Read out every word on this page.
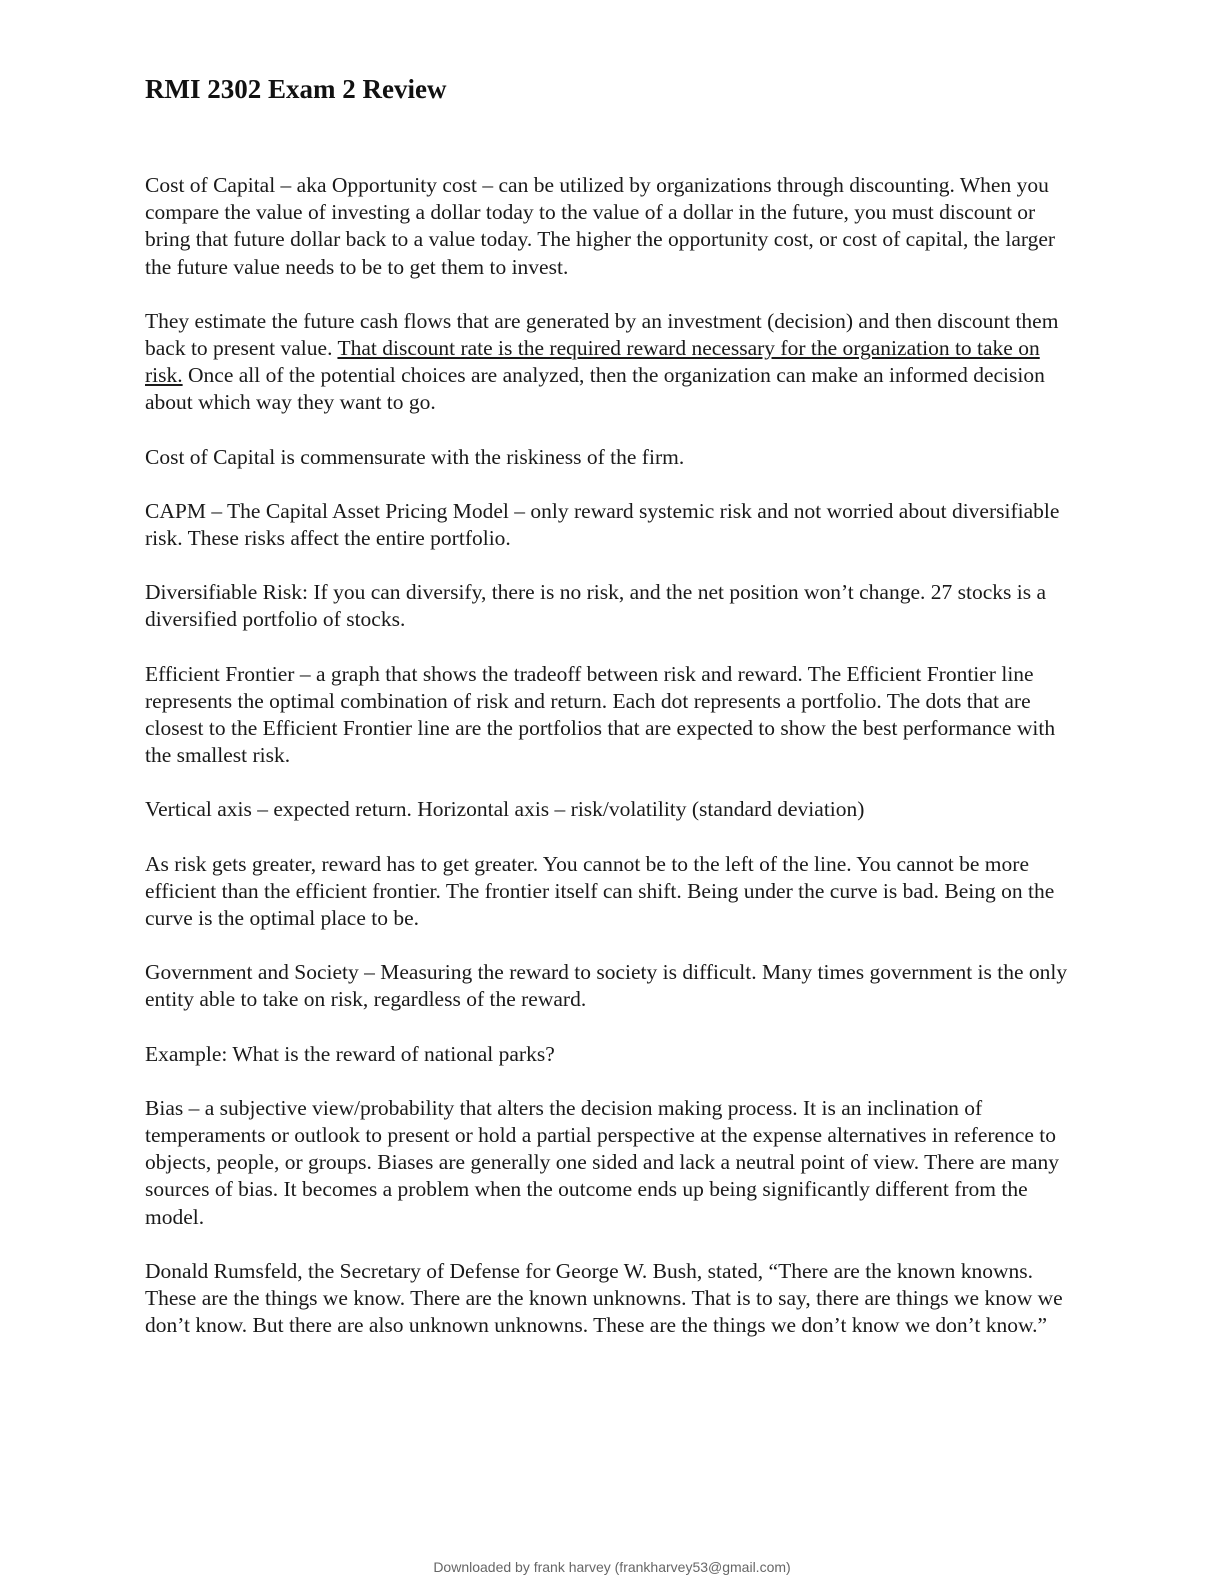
RMI 2302 Exam 2 Review

Cost of Capital – aka Opportunity cost – can be utilized by organizations through discounting. When you compare the value of investing a dollar today to the value of a dollar in the future, you must discount or bring that future dollar back to a value today. The higher the opportunity cost, or cost of capital, the larger the future value needs to be to get them to invest.

They estimate the future cash flows that are generated by an investment (decision) and then discount them back to present value. That discount rate is the required reward necessary for the organization to take on risk. Once all of the potential choices are analyzed, then the organization can make an informed decision about which way they want to go.

Cost of Capital is commensurate with the riskiness of the firm.

CAPM – The Capital Asset Pricing Model – only reward systemic risk and not worried about diversifiable risk. These risks affect the entire portfolio.

Diversifiable Risk: If you can diversify, there is no risk, and the net position won’t change. 27 stocks is a diversified portfolio of stocks.

Efficient Frontier – a graph that shows the tradeoff between risk and reward. The Efficient Frontier line represents the optimal combination of risk and return. Each dot represents a portfolio. The dots that are closest to the Efficient Frontier line are the portfolios that are expected to show the best performance with the smallest risk.

Vertical axis – expected return. Horizontal axis – risk/volatility (standard deviation)

As risk gets greater, reward has to get greater. You cannot be to the left of the line. You cannot be more efficient than the efficient frontier. The frontier itself can shift. Being under the curve is bad. Being on the curve is the optimal place to be.

Government and Society – Measuring the reward to society is difficult. Many times government is the only entity able to take on risk, regardless of the reward.

Example: What is the reward of national parks?

Bias – a subjective view/probability that alters the decision making process. It is an inclination of temperaments or outlook to present or hold a partial perspective at the expense alternatives in reference to objects, people, or groups. Biases are generally one sided and lack a neutral point of view. There are many sources of bias. It becomes a problem when the outcome ends up being significantly different from the model.

Donald Rumsfeld, the Secretary of Defense for George W. Bush, stated, “There are the known knowns. These are the things we know. There are the known unknowns. That is to say, there are things we know we don’t know. But there are also unknown unknowns. These are the things we don’t know we don’t know.”

Downloaded by frank harvey (frankharvey53@gmail.com)
